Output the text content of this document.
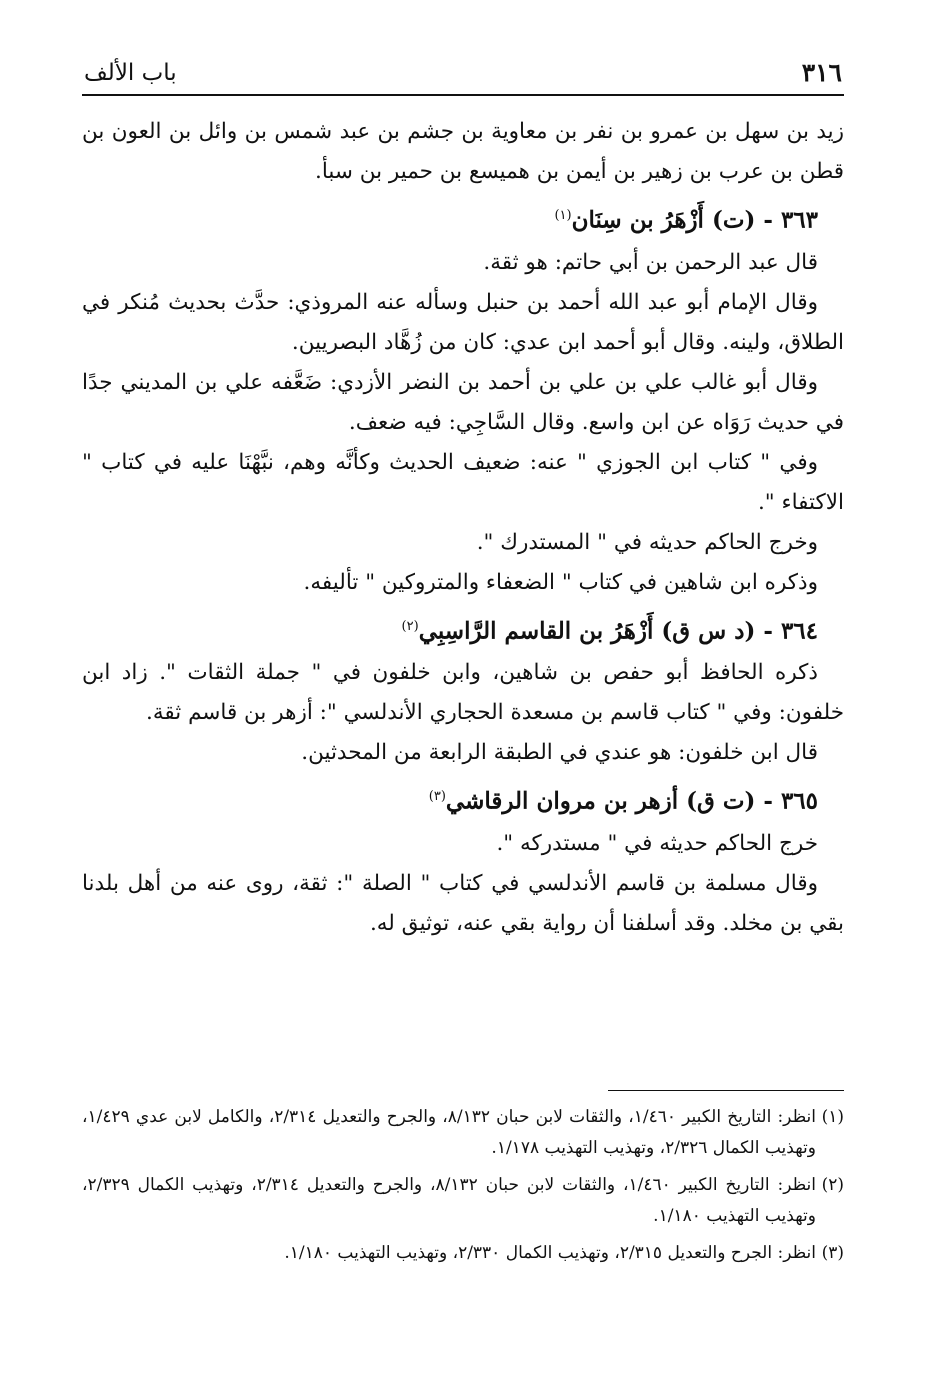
٣١٦
باب الألف

زيد بن سهل بن عمرو بن نفر بن معاوية بن جشم بن عبد شمس بن وائل بن العون بن قطن بن عرب بن زهير بن أيمن بن هميسع بن حمير بن سبأ.

٣٦٣ - (ت) أَزْهَرُ بن سِنَان$^{(١)}$

قال عبد الرحمن بن أبي حاتم: هو ثقة.

وقال الإمام أبو عبد الله أحمد بن حنبل وسأله عنه المروذي: حدَّث بحديث مُنكر في الطلاق، ولينه. وقال أبو أحمد ابن عدي: كان من زُهَّاد البصريين.

وقال أبو غالب علي بن علي بن أحمد بن النضر الأزدي: ضَعَّفه علي بن المديني جدًا في حديث رَوَاه عن ابن واسع. وقال السَّاجِي: فيه ضعف.

وفي " كتاب ابن الجوزي " عنه: ضعيف الحديث وكأنَّه وهم، نبَّهْنَا عليه في كتاب " الاكتفاء ".

وخرج الحاكم حديثه في " المستدرك ".

وذكره ابن شاهين في كتاب " الضعفاء والمتروكين " تأليفه.

٣٦٤ - (د س ق) أَزْهَرُ بن القاسم الرَّاسِبِي$^{(٢)}$

ذكره الحافظ أبو حفص بن شاهين، وابن خلفون في " جملة الثقات ". زاد ابن خلفون: وفي " كتاب قاسم بن مسعدة الحجاري الأندلسي ": أزهر بن قاسم ثقة.

قال ابن خلفون: هو عندي في الطبقة الرابعة من المحدثين.

٣٦٥ - (ت ق) أزهر بن مروان الرقاشي$^{(٣)}$

خرج الحاكم حديثه في " مستدركه ".

وقال مسلمة بن قاسم الأندلسي في كتاب " الصلة ": ثقة، روى عنه من أهل بلدنا بقي بن مخلد. وقد أسلفنا أن رواية بقي عنه، توثيق له.

(١)
انظر: التاريخ الكبير ١/٤٦٠، والثقات لابن حبان ٨/١٣٢، والجرح والتعديل ٢/٣١٤، والكامل لابن عدي ١/٤٢٩، وتهذيب الكمال ٢/٣٢٦، وتهذيب التهذيب ١/١٧٨.

(٢)
انظر: التاريخ الكبير ١/٤٦٠، والثقات لابن حبان ٨/١٣٢، والجرح والتعديل ٢/٣١٤، وتهذيب الكمال ٢/٣٢٩، وتهذيب التهذيب ١/١٨٠.

(٣)
انظر: الجرح والتعديل ٢/٣١٥، وتهذيب الكمال ٢/٣٣٠، وتهذيب التهذيب ١/١٨٠.
